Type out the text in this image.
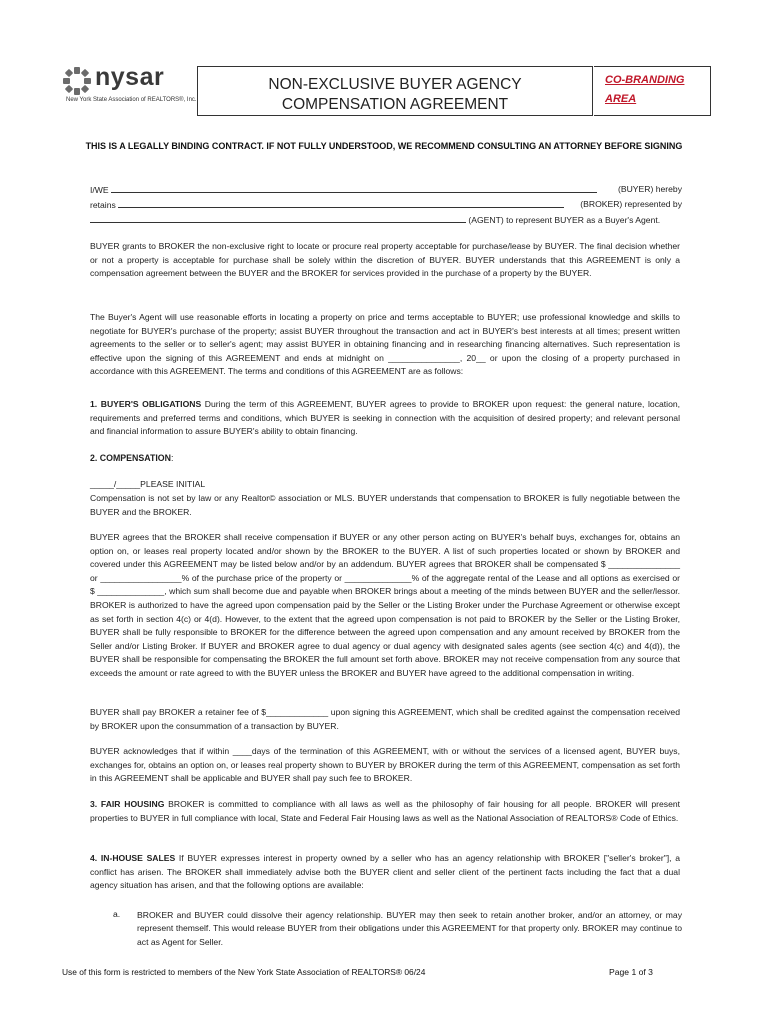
nysar
New York State Association of REALTORS®, Inc.
NON-EXCLUSIVE BUYER AGENCY
COMPENSATION AGREEMENT
CO-BRANDING
AREA
THIS IS A LEGALLY BINDING CONTRACT. IF NOT FULLY UNDERSTOOD, WE RECOMMEND CONSULTING AN ATTORNEY BEFORE SIGNING
I/WE	(BUYER) hereby
retains	(BROKER) represented by
(AGENT) to represent BUYER as a Buyer's Agent.
BUYER grants to BROKER the non-exclusive right to locate or procure real property acceptable for purchase/lease by BUYER. The final decision whether or not a property is acceptable for purchase shall be solely within the discretion of BUYER. BUYER understands that this AGREEMENT is only a compensation agreement between the BUYER and the BROKER for services provided in the purchase of a property by the BUYER.
The Buyer's Agent will use reasonable efforts in locating a property on price and terms acceptable to BUYER; use professional knowledge and skills to negotiate for BUYER's purchase of the property; assist BUYER throughout the transaction and act in BUYER's best interests at all times; present written agreements to the seller or to seller's agent; may assist BUYER in obtaining financing and in researching financing alternatives. Such representation is effective upon the signing of this AGREEMENT and ends at midnight on _______________, 20__ or upon the closing of a property purchased in accordance with this AGREEMENT. The terms and conditions of this AGREEMENT are as follows:
1. BUYER'S OBLIGATIONS During the term of this AGREEMENT, BUYER agrees to provide to BROKER upon request: the general nature, location, requirements and preferred terms and conditions, which BUYER is seeking in connection with the acquisition of desired property; and relevant personal and financial information to assure BUYER's ability to obtain financing.
2. COMPENSATION:
_____/_____PLEASE INITIAL
Compensation is not set by law or any Realtor© association or MLS. BUYER understands that compensation to BROKER is fully negotiable between the BUYER and the BROKER.
BUYER agrees that the BROKER shall receive compensation if BUYER or any other person acting on BUYER's behalf buys, exchanges for, obtains an option on, or leases real property located and/or shown by the BROKER to the BUYER. A list of such properties located or shown by BROKER and covered under this AGREEMENT may be listed below and/or by an addendum. BUYER agrees that BROKER shall be compensated $ _______________ or _________________% of the purchase price of the property or ______________% of the aggregate rental of the Lease and all options as exercised or $ ______________, which sum shall become due and payable when BROKER brings about a meeting of the minds between BUYER and the seller/lessor. BROKER is authorized to have the agreed upon compensation paid by the Seller or the Listing Broker under the Purchase Agreement or otherwise except as set forth in section 4(c) or 4(d). However, to the extent that the agreed upon compensation is not paid to BROKER by the Seller or the Listing Broker, BUYER shall be fully responsible to BROKER for the difference between the agreed upon compensation and any amount received by BROKER from the Seller and/or Listing Broker. If BUYER and BROKER agree to dual agency or dual agency with designated sales agents (see section 4(c) and 4(d)), the BUYER shall be responsible for compensating the BROKER the full amount set forth above. BROKER may not receive compensation from any source that exceeds the amount or rate agreed to with the BUYER unless the BROKER and BUYER have agreed to the additional compensation in writing.
BUYER shall pay BROKER a retainer fee of $_____________ upon signing this AGREEMENT, which shall be credited against the compensation received by BROKER upon the consummation of a transaction by BUYER.
BUYER acknowledges that if within ____days of the termination of this AGREEMENT, with or without the services of a licensed agent, BUYER buys, exchanges for, obtains an option on, or leases real property shown to BUYER by BROKER during the term of this AGREEMENT, compensation as set forth in this AGREEMENT shall be applicable and BUYER shall pay such fee to BROKER.
3. FAIR HOUSING BROKER is committed to compliance with all laws as well as the philosophy of fair housing for all people. BROKER will present properties to BUYER in full compliance with local, State and Federal Fair Housing laws as well as the National Association of REALTORS® Code of Ethics.
4. IN-HOUSE SALES If BUYER expresses interest in property owned by a seller who has an agency relationship with BROKER ["seller's broker"], a conflict has arisen. The BROKER shall immediately advise both the BUYER client and seller client of the pertinent facts including the fact that a dual agency situation has arisen, and that the following options are available:
a. BROKER and BUYER could dissolve their agency relationship. BUYER may then seek to retain another broker, and/or an attorney, or may represent themself. This would release BUYER from their obligations under this AGREEMENT for that property only. BROKER may continue to act as Agent for Seller.
Use of this form is restricted to members of the New York State Association of REALTORS® 06/24	Page 1 of 3
